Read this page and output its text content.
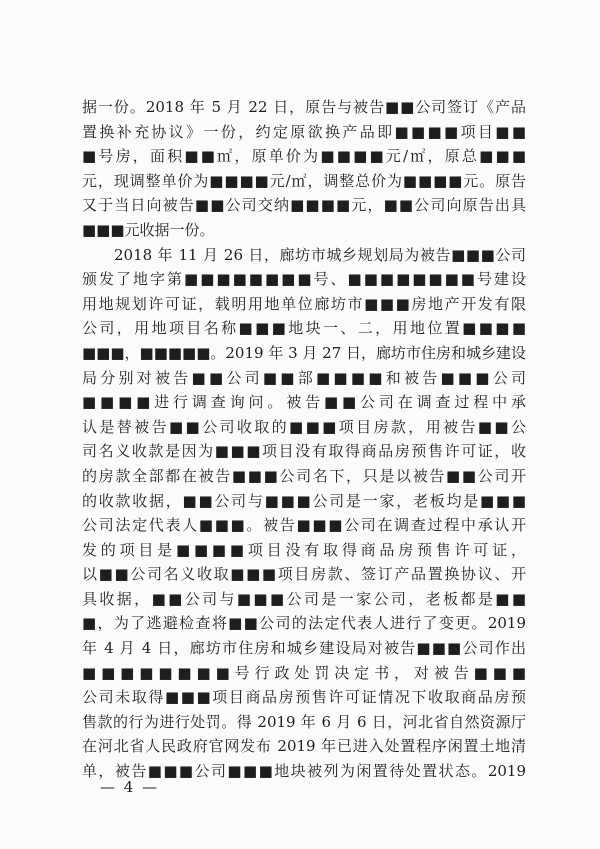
据一份。2018 年 5 月 22 日，原告与被告■■公司签订《产品
置换补充协议》一份，约定原欲换产品即■■■■项目■■
■号房，面积■■㎡，原单价为■■■■元/㎡，原总■■■
元，现调整单价为■■■■元/㎡，调整总价为■■■■元。原告
又于当日向被告■■公司交纳■■■■元，■■公司向原告出具
■■■元收据一份。
2018 年 11 月 26 日，廊坊市城乡规划局为被告■■■公司
颁发了地字第■■■■■■■■号、■■■■■■■■号建设
用地规划许可证，载明用地单位廊坊市■■■房地产开发有限
公司，用地项目名称■■■地块一、二，用地位置■■■■
■■■，■■■■■。2019 年 3 月 27 日，廊坊市住房和城乡建设
局分别对被告■■公司■■部■■■■和被告■■■公司
■■■■进行调查询问。被告■■公司在调查过程中承
认是替被告■■公司收取的■■■项目房款，用被告■■公
司名义收款是因为■■■项目没有取得商品房预售许可证，收
的房款全部都在被告■■■公司名下，只是以被告■■公司开
的收款收据，■■公司与■■■公司是一家，老板均是■■■
公司法定代表人■■■。被告■■■公司在调查过程中承认开
发的项目是■■■■项目没有取得商品房预售许可证，
以■■公司名义收取■■■项目房款、签订产品置换协议、开
具收据，■■公司与■■■公司是一家公司，老板都是■■
■，为了逃避检查将■■公司的法定代表人进行了变更。2019
年 4 月 4 日，廊坊市住房和城乡建设局对被告■■■公司作出
■■■■■■■■号行政处罚决定书，对被告■■■
公司未取得■■■项目商品房预售许可证情况下收取商品房预
售款的行为进行处罚。得 2019 年 6 月 6 日，河北省自然资源厅
在河北省人民政府官网发布 2019 年已进入处置程序闲置土地清
单，被告■■■公司■■■地块被列为闲置待处置状态。2019
— 4 —
